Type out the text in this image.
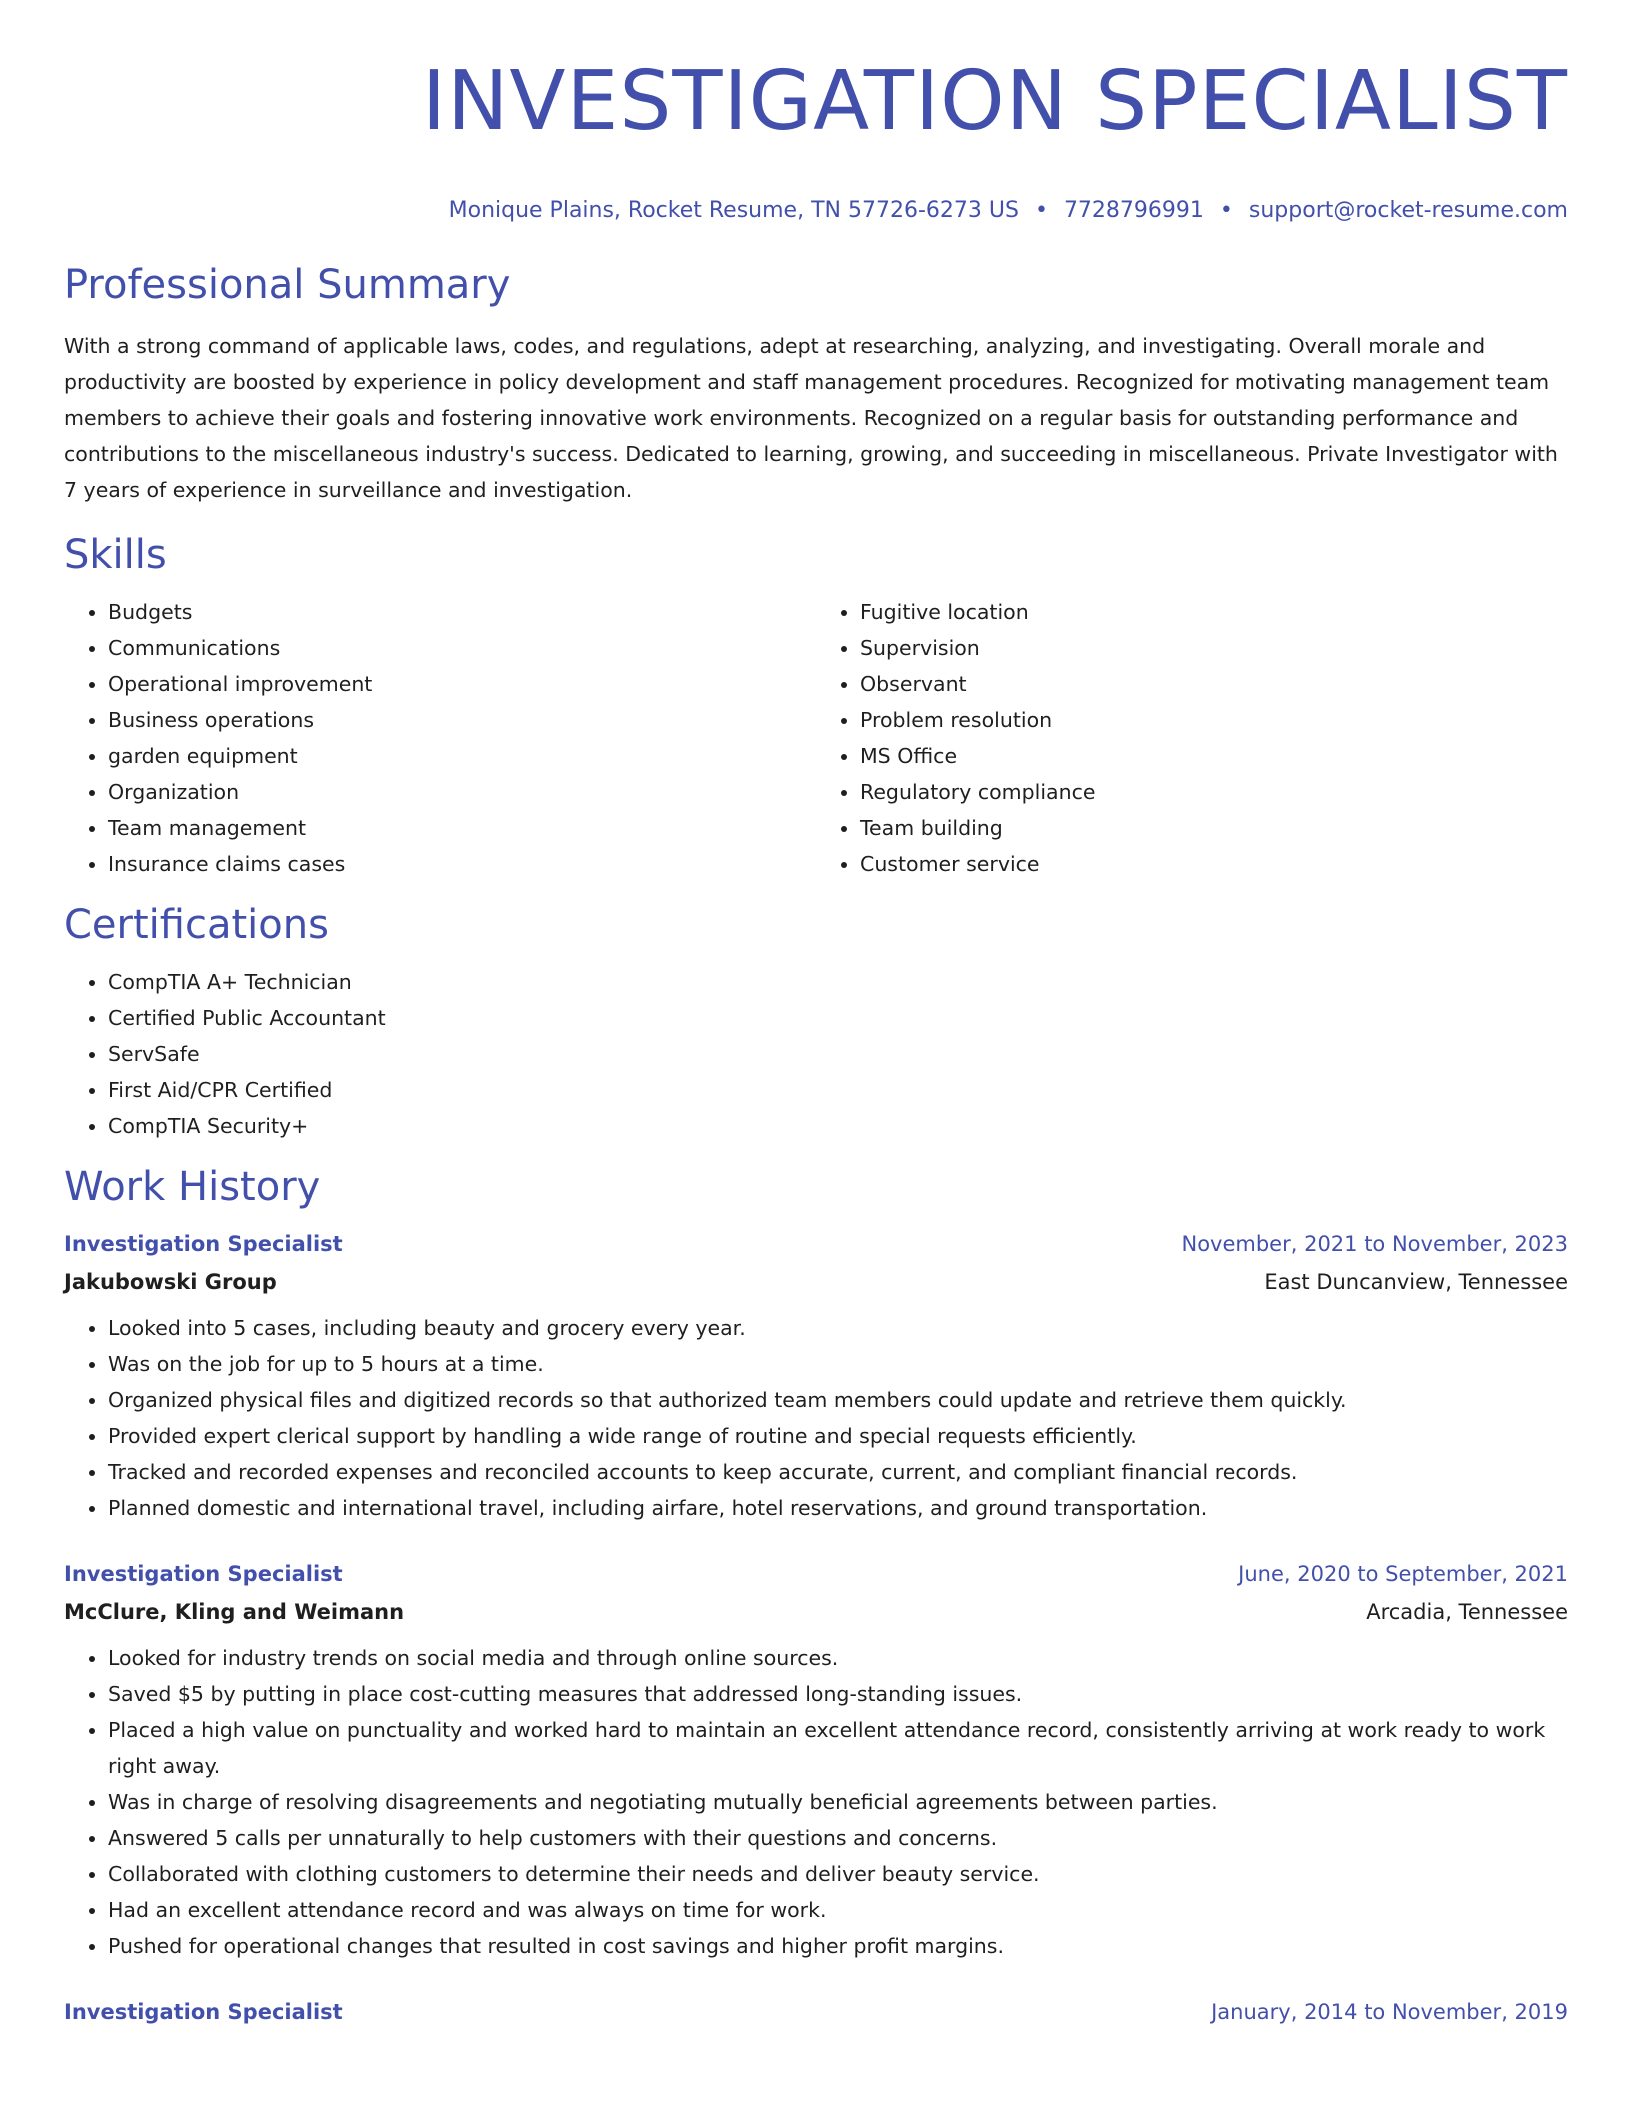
INVESTIGATION SPECIALIST
Monique Plains, Rocket Resume, TN 57726-6273 US • 7728796991 • support@rocket-resume.com
Professional Summary
With a strong command of applicable laws, codes, and regulations, adept at researching, analyzing, and investigating. Overall morale and productivity are boosted by experience in policy development and staff management procedures. Recognized for motivating management team members to achieve their goals and fostering innovative work environments. Recognized on a regular basis for outstanding performance and contributions to the miscellaneous industry's success. Dedicated to learning, growing, and succeeding in miscellaneous. Private Investigator with 7 years of experience in surveillance and investigation.
Skills
• Budgets
• Communications
• Operational improvement
• Business operations
• garden equipment
• Organization
• Team management
• Insurance claims cases
• Fugitive location
• Supervision
• Observant
• Problem resolution
• MS Office
• Regulatory compliance
• Team building
• Customer service
Certifications
• CompTIA A+ Technician
• Certified Public Accountant
• ServSafe
• First Aid/CPR Certified
• CompTIA Security+
Work History
Investigation Specialist	November, 2021 to November, 2023
Jakubowski Group	East Duncanview, Tennessee
• Looked into 5 cases, including beauty and grocery every year.
• Was on the job for up to 5 hours at a time.
• Organized physical files and digitized records so that authorized team members could update and retrieve them quickly.
• Provided expert clerical support by handling a wide range of routine and special requests efficiently.
• Tracked and recorded expenses and reconciled accounts to keep accurate, current, and compliant financial records.
• Planned domestic and international travel, including airfare, hotel reservations, and ground transportation.
Investigation Specialist	June, 2020 to September, 2021
McClure, Kling and Weimann	Arcadia, Tennessee
• Looked for industry trends on social media and through online sources.
• Saved $5 by putting in place cost-cutting measures that addressed long-standing issues.
• Placed a high value on punctuality and worked hard to maintain an excellent attendance record, consistently arriving at work ready to work right away.
• Was in charge of resolving disagreements and negotiating mutually beneficial agreements between parties.
• Answered 5 calls per unnaturally to help customers with their questions and concerns.
• Collaborated with clothing customers to determine their needs and deliver beauty service.
• Had an excellent attendance record and was always on time for work.
• Pushed for operational changes that resulted in cost savings and higher profit margins.
Investigation Specialist	January, 2014 to November, 2019
